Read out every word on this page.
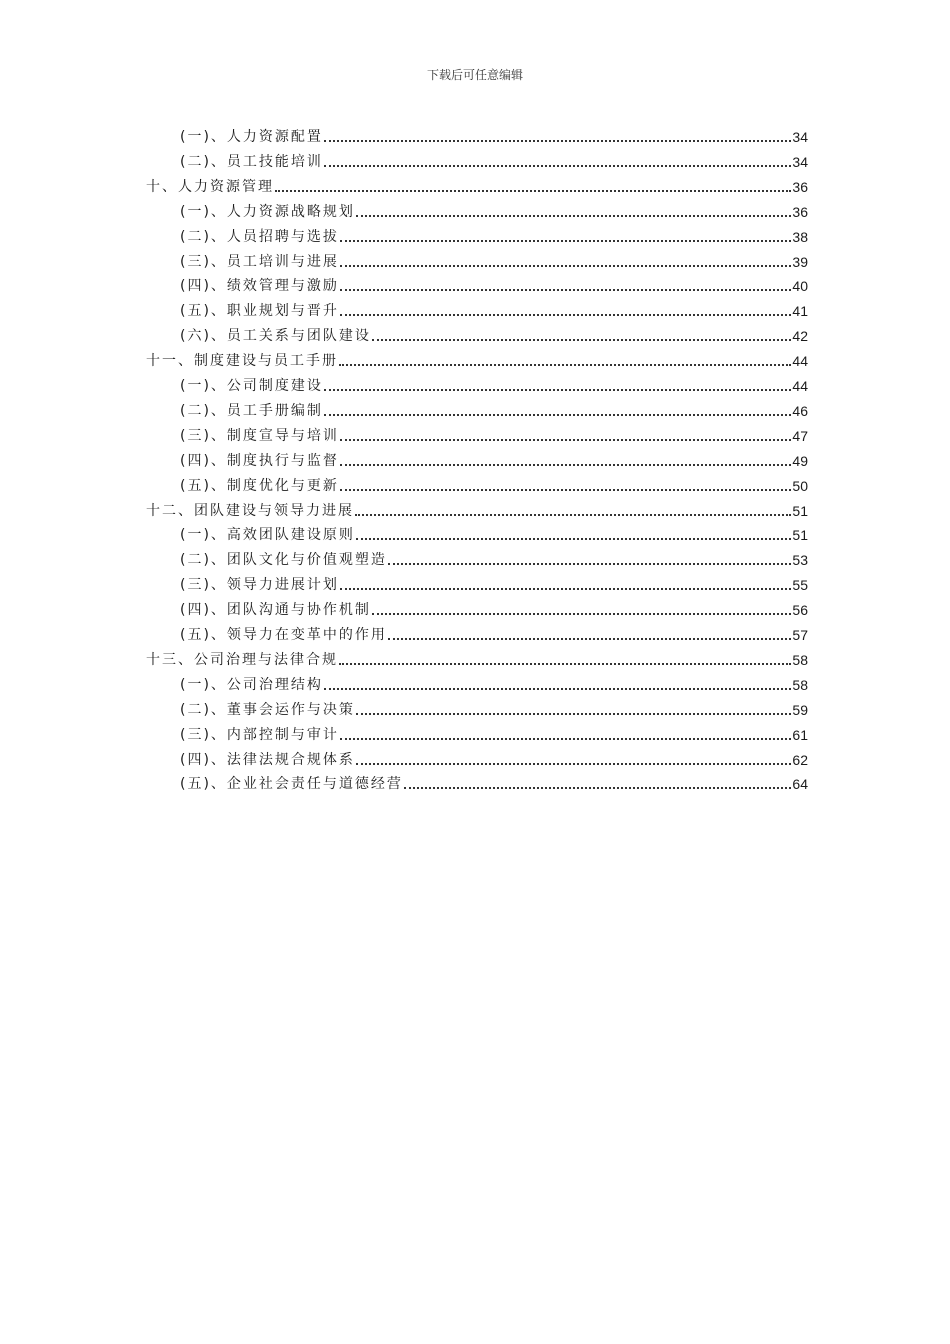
下载后可任意编辑
(一)、人力资源配置	34
(二)、员工技能培训	34
十、人力资源管理	36
(一)、人力资源战略规划	36
(二)、人员招聘与选拔	38
(三)、员工培训与进展	39
(四)、绩效管理与激励	40
(五)、职业规划与晋升	41
(六)、员工关系与团队建设	42
十一、制度建设与员工手册	44
(一)、公司制度建设	44
(二)、员工手册编制	46
(三)、制度宣导与培训	47
(四)、制度执行与监督	49
(五)、制度优化与更新	50
十二、团队建设与领导力进展	51
(一)、高效团队建设原则	51
(二)、团队文化与价值观塑造	53
(三)、领导力进展计划	55
(四)、团队沟通与协作机制	56
(五)、领导力在变革中的作用	57
十三、公司治理与法律合规	58
(一)、公司治理结构	58
(二)、董事会运作与决策	59
(三)、内部控制与审计	61
(四)、法律法规合规体系	62
(五)、企业社会责任与道德经营	64
